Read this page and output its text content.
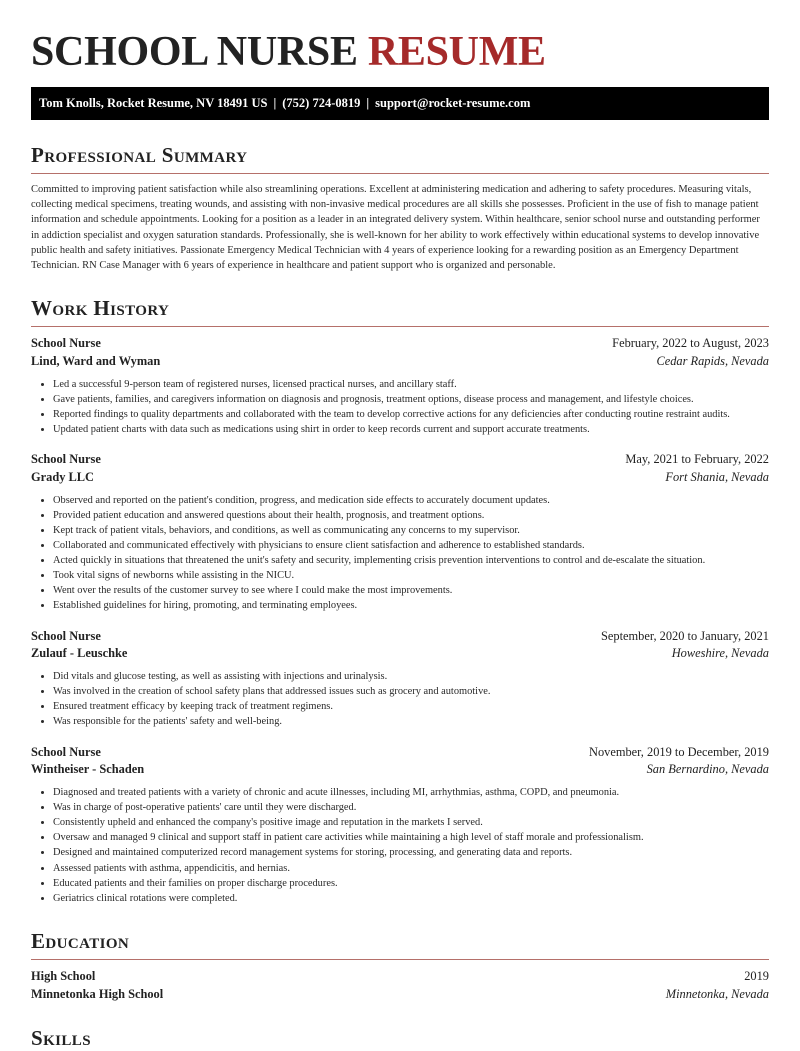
SCHOOL NURSE RESUME
Tom Knolls, Rocket Resume, NV 18491 US | (752) 724-0819 | support@rocket-resume.com
Professional Summary

Committed to improving patient satisfaction while also streamlining operations. Excellent at administering medication and adhering to safety procedures. Measuring vitals, collecting medical specimens, treating wounds, and assisting with non-invasive medical procedures are all skills she possesses. Proficient in the use of fish to manage patient information and schedule appointments. Looking for a position as a leader in an integrated delivery system. Within healthcare, senior school nurse and outstanding performer in addiction specialist and oxygen saturation standards. Professionally, she is well-known for her ability to work effectively within educational systems to develop innovative public health and safety initiatives. Passionate Emergency Medical Technician with 4 years of experience looking for a rewarding position as an Emergency Department Technician. RN Case Manager with 6 years of experience in healthcare and patient support who is organized and personable.

Work History
School Nurse	February, 2022 to August, 2023
Lind, Ward and Wyman	Cedar Rapids, Nevada
• Led a successful 9-person team of registered nurses, licensed practical nurses, and ancillary staff.
• Gave patients, families, and caregivers information on diagnosis and prognosis, treatment options, disease process and management, and lifestyle choices.
• Reported findings to quality departments and collaborated with the team to develop corrective actions for any deficiencies after conducting routine restraint audits.
• Updated patient charts with data such as medications using shirt in order to keep records current and support accurate treatments.
School Nurse	May, 2021 to February, 2022
Grady LLC	Fort Shania, Nevada
• Observed and reported on the patient's condition, progress, and medication side effects to accurately document updates.
• Provided patient education and answered questions about their health, prognosis, and treatment options.
• Kept track of patient vitals, behaviors, and conditions, as well as communicating any concerns to my supervisor.
• Collaborated and communicated effectively with physicians to ensure client satisfaction and adherence to established standards.
• Acted quickly in situations that threatened the unit's safety and security, implementing crisis prevention interventions to control and de-escalate the situation.
• Took vital signs of newborns while assisting in the NICU.
• Went over the results of the customer survey to see where I could make the most improvements.
• Established guidelines for hiring, promoting, and terminating employees.
School Nurse	September, 2020 to January, 2021
Zulauf - Leuschke	Howeshire, Nevada
• Did vitals and glucose testing, as well as assisting with injections and urinalysis.
• Was involved in the creation of school safety plans that addressed issues such as grocery and automotive.
• Ensured treatment efficacy by keeping track of treatment regimens.
• Was responsible for the patients' safety and well-being.
School Nurse	November, 2019 to December, 2019
Wintheiser - Schaden	San Bernardino, Nevada
• Diagnosed and treated patients with a variety of chronic and acute illnesses, including MI, arrhythmias, asthma, COPD, and pneumonia.
• Was in charge of post-operative patients' care until they were discharged.
• Consistently upheld and enhanced the company's positive image and reputation in the markets I served.
• Oversaw and managed 9 clinical and support staff in patient care activities while maintaining a high level of staff morale and professionalism.
• Designed and maintained computerized record management systems for storing, processing, and generating data and reports.
• Assessed patients with asthma, appendicitis, and hernias.
• Educated patients and their families on proper discharge procedures.
• Geriatrics clinical rotations were completed.
Education
High School	2019
Minnetonka High School	Minnetonka, Nevada
Skills
